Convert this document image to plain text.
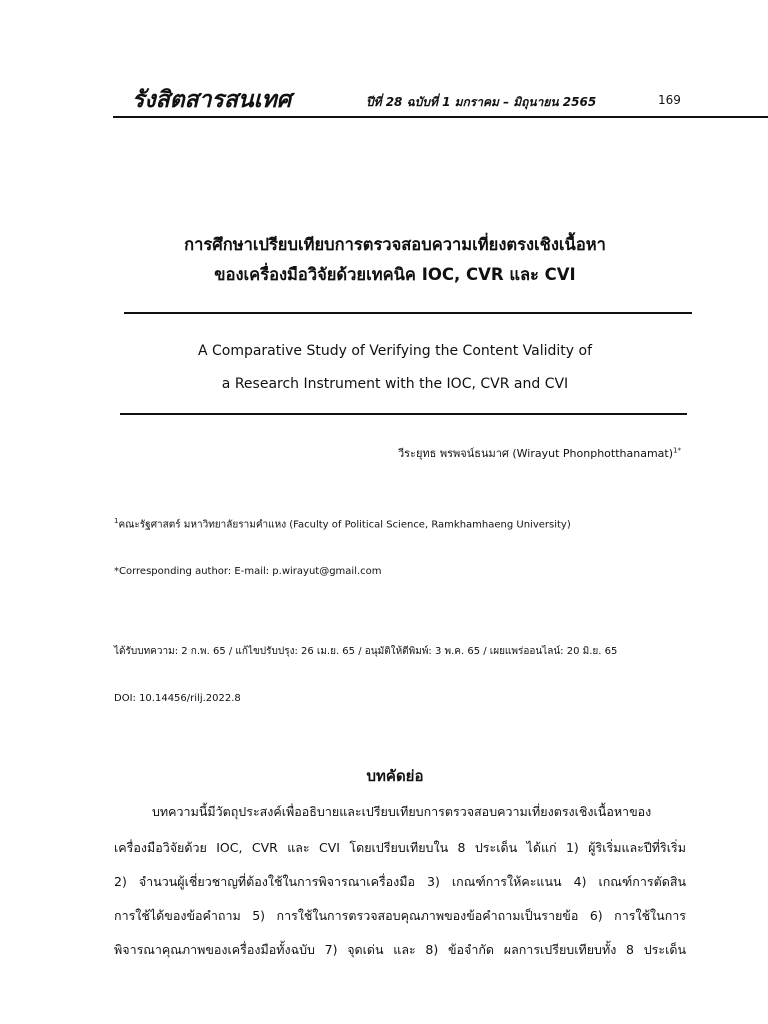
รังสิตสารสนเทศ	ปีที่ 28 ฉบับที่ 1 มกราคม – มิถุนายน 2565	169
การศึกษาเปรียบเทียบการตรวจสอบความเที่ยงตรงเชิงเนื้อหา
ของเครื่องมือวิจัยด้วยเทคนิค IOC, CVR และ CVI
A Comparative Study of Verifying the Content Validity of
a Research Instrument with the IOC, CVR and CVI
วีระยุทธ พรพจน์ธนมาศ (Wirayut Phonphotthanamat)$^{1*}$
$^1$คณะรัฐศาสตร์ มหาวิทยาลัยรามคำแหง (Faculty of Political Science, Ramkhamhaeng University)
*Corresponding author: E-mail: p.wirayut@gmail.com
ได้รับบทความ: 2 ก.พ. 65 / แก้ไขปรับปรุง: 26 เม.ย. 65 / อนุมัติให้ตีพิมพ์: 3 พ.ค. 65 / เผยแพร่ออนไลน์: 20 มิ.ย. 65
DOI: 10.14456/rilj.2022.8
บทคัดย่อ
บทความนี้มีวัตถุประสงค์เพื่ออธิบายและเปรียบเทียบการตรวจสอบความเที่ยงตรงเชิงเนื้อหาของ
เครื่องมือวิจัยด้วย IOC, CVR และ CVI โดยเปรียบเทียบใน 8 ประเด็น ได้แก่ 1) ผู้ริเริ่มและปีที่ริเริ่ม
2) จำนวนผู้เชี่ยวชาญที่ต้องใช้ในการพิจารณาเครื่องมือ 3) เกณฑ์การให้คะแนน 4) เกณฑ์การตัดสิน
การใช้ได้ของข้อคำถาม 5) การใช้ในการตรวจสอบคุณภาพของข้อคำถามเป็นรายข้อ 6) การใช้ในการ
พิจารณาคุณภาพของเครื่องมือทั้งฉบับ 7) จุดเด่น และ 8) ข้อจำกัด ผลการเปรียบเทียบทั้ง 8 ประเด็น
